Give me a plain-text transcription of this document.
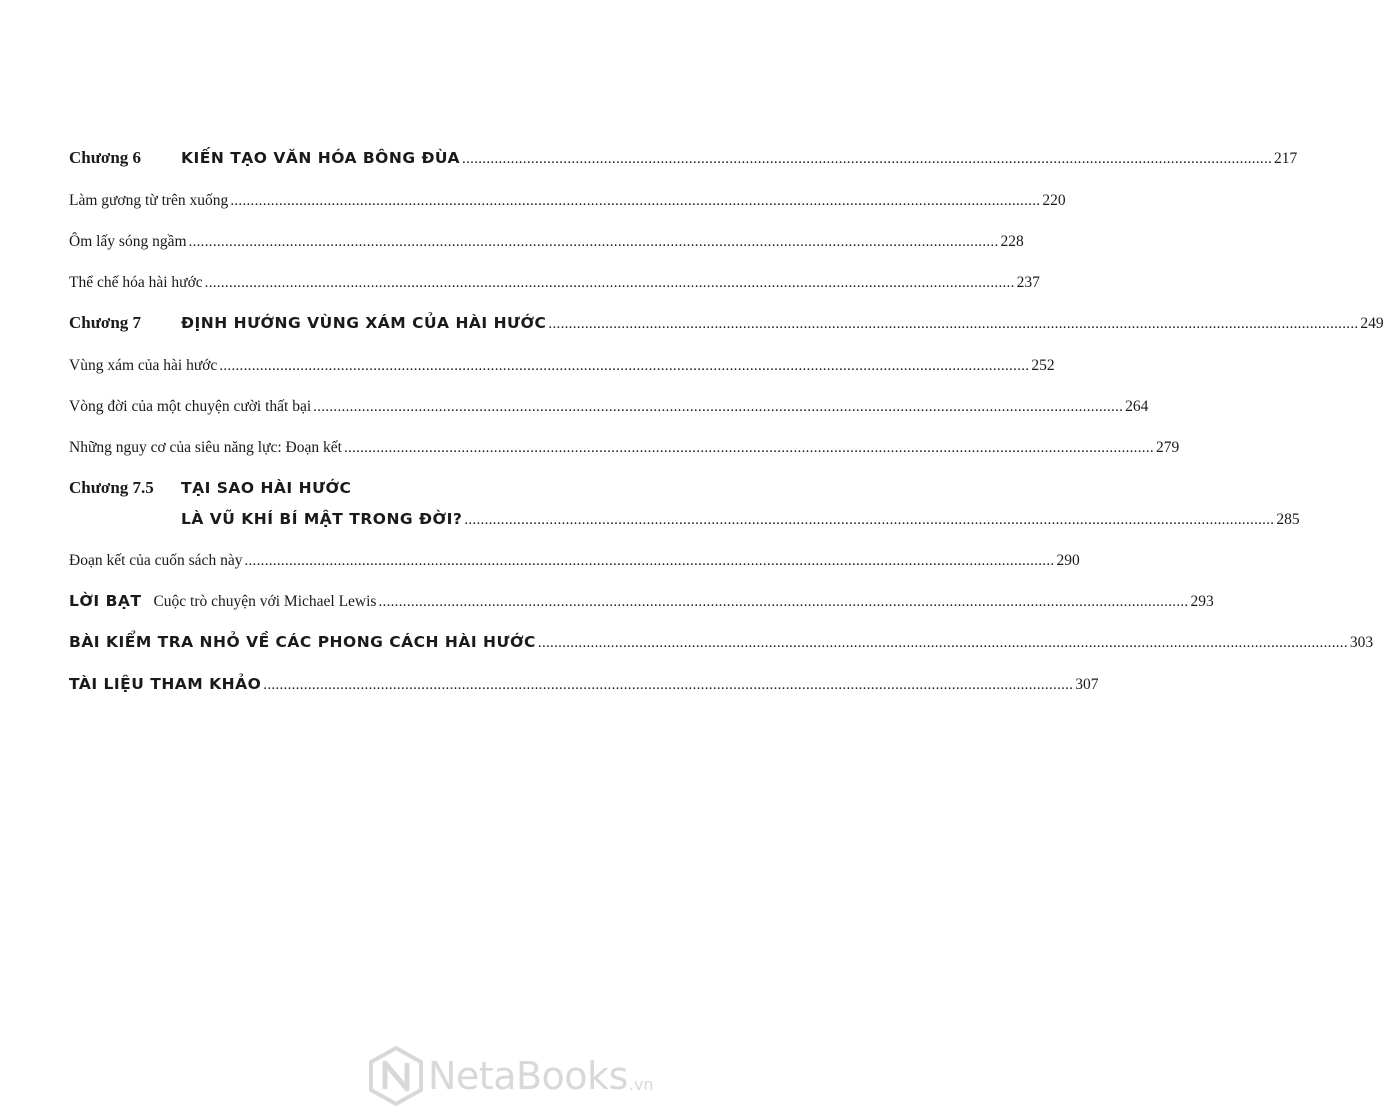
Chương 6	KIẾN TẠO VĂN HÓA BÔNG ĐÙA ........................................................................................................................................................................................................ 217
Làm gương từ trên xuống ........................................................................................................................................................................................................ 220
Ôm lấy sóng ngầm ........................................................................................................................................................................................................ 228
Thể chế hóa hài hước ........................................................................................................................................................................................................ 237
Chương 7	ĐỊNH HƯỚNG VÙNG XÁM CỦA HÀI HƯỚC ........................................................................................................................................................................................................ 249
Vùng xám của hài hước ........................................................................................................................................................................................................ 252
Vòng đời của một chuyện cười thất bại ........................................................................................................................................................................................................ 264
Những nguy cơ của siêu năng lực: Đoạn kết ........................................................................................................................................................................................................ 279
Chương 7.5 TẠI SAO HÀI HƯỚC
LÀ VŨ KHÍ BÍ MẬT TRONG ĐỜI? ........................................................................................................................................................................................................ 285
Đoạn kết của cuốn sách này ........................................................................................................................................................................................................ 290
LỜI BẠT Cuộc trò chuyện với Michael Lewis ........................................................................................................................................................................................................ 293
BÀI KIỂM TRA NHỎ VỀ CÁC PHONG CÁCH HÀI HƯỚC ........................................................................................................................................................................................................ 303
TÀI LIỆU THAM KHẢO ........................................................................................................................................................................................................ 307
NetaBooks .vn
